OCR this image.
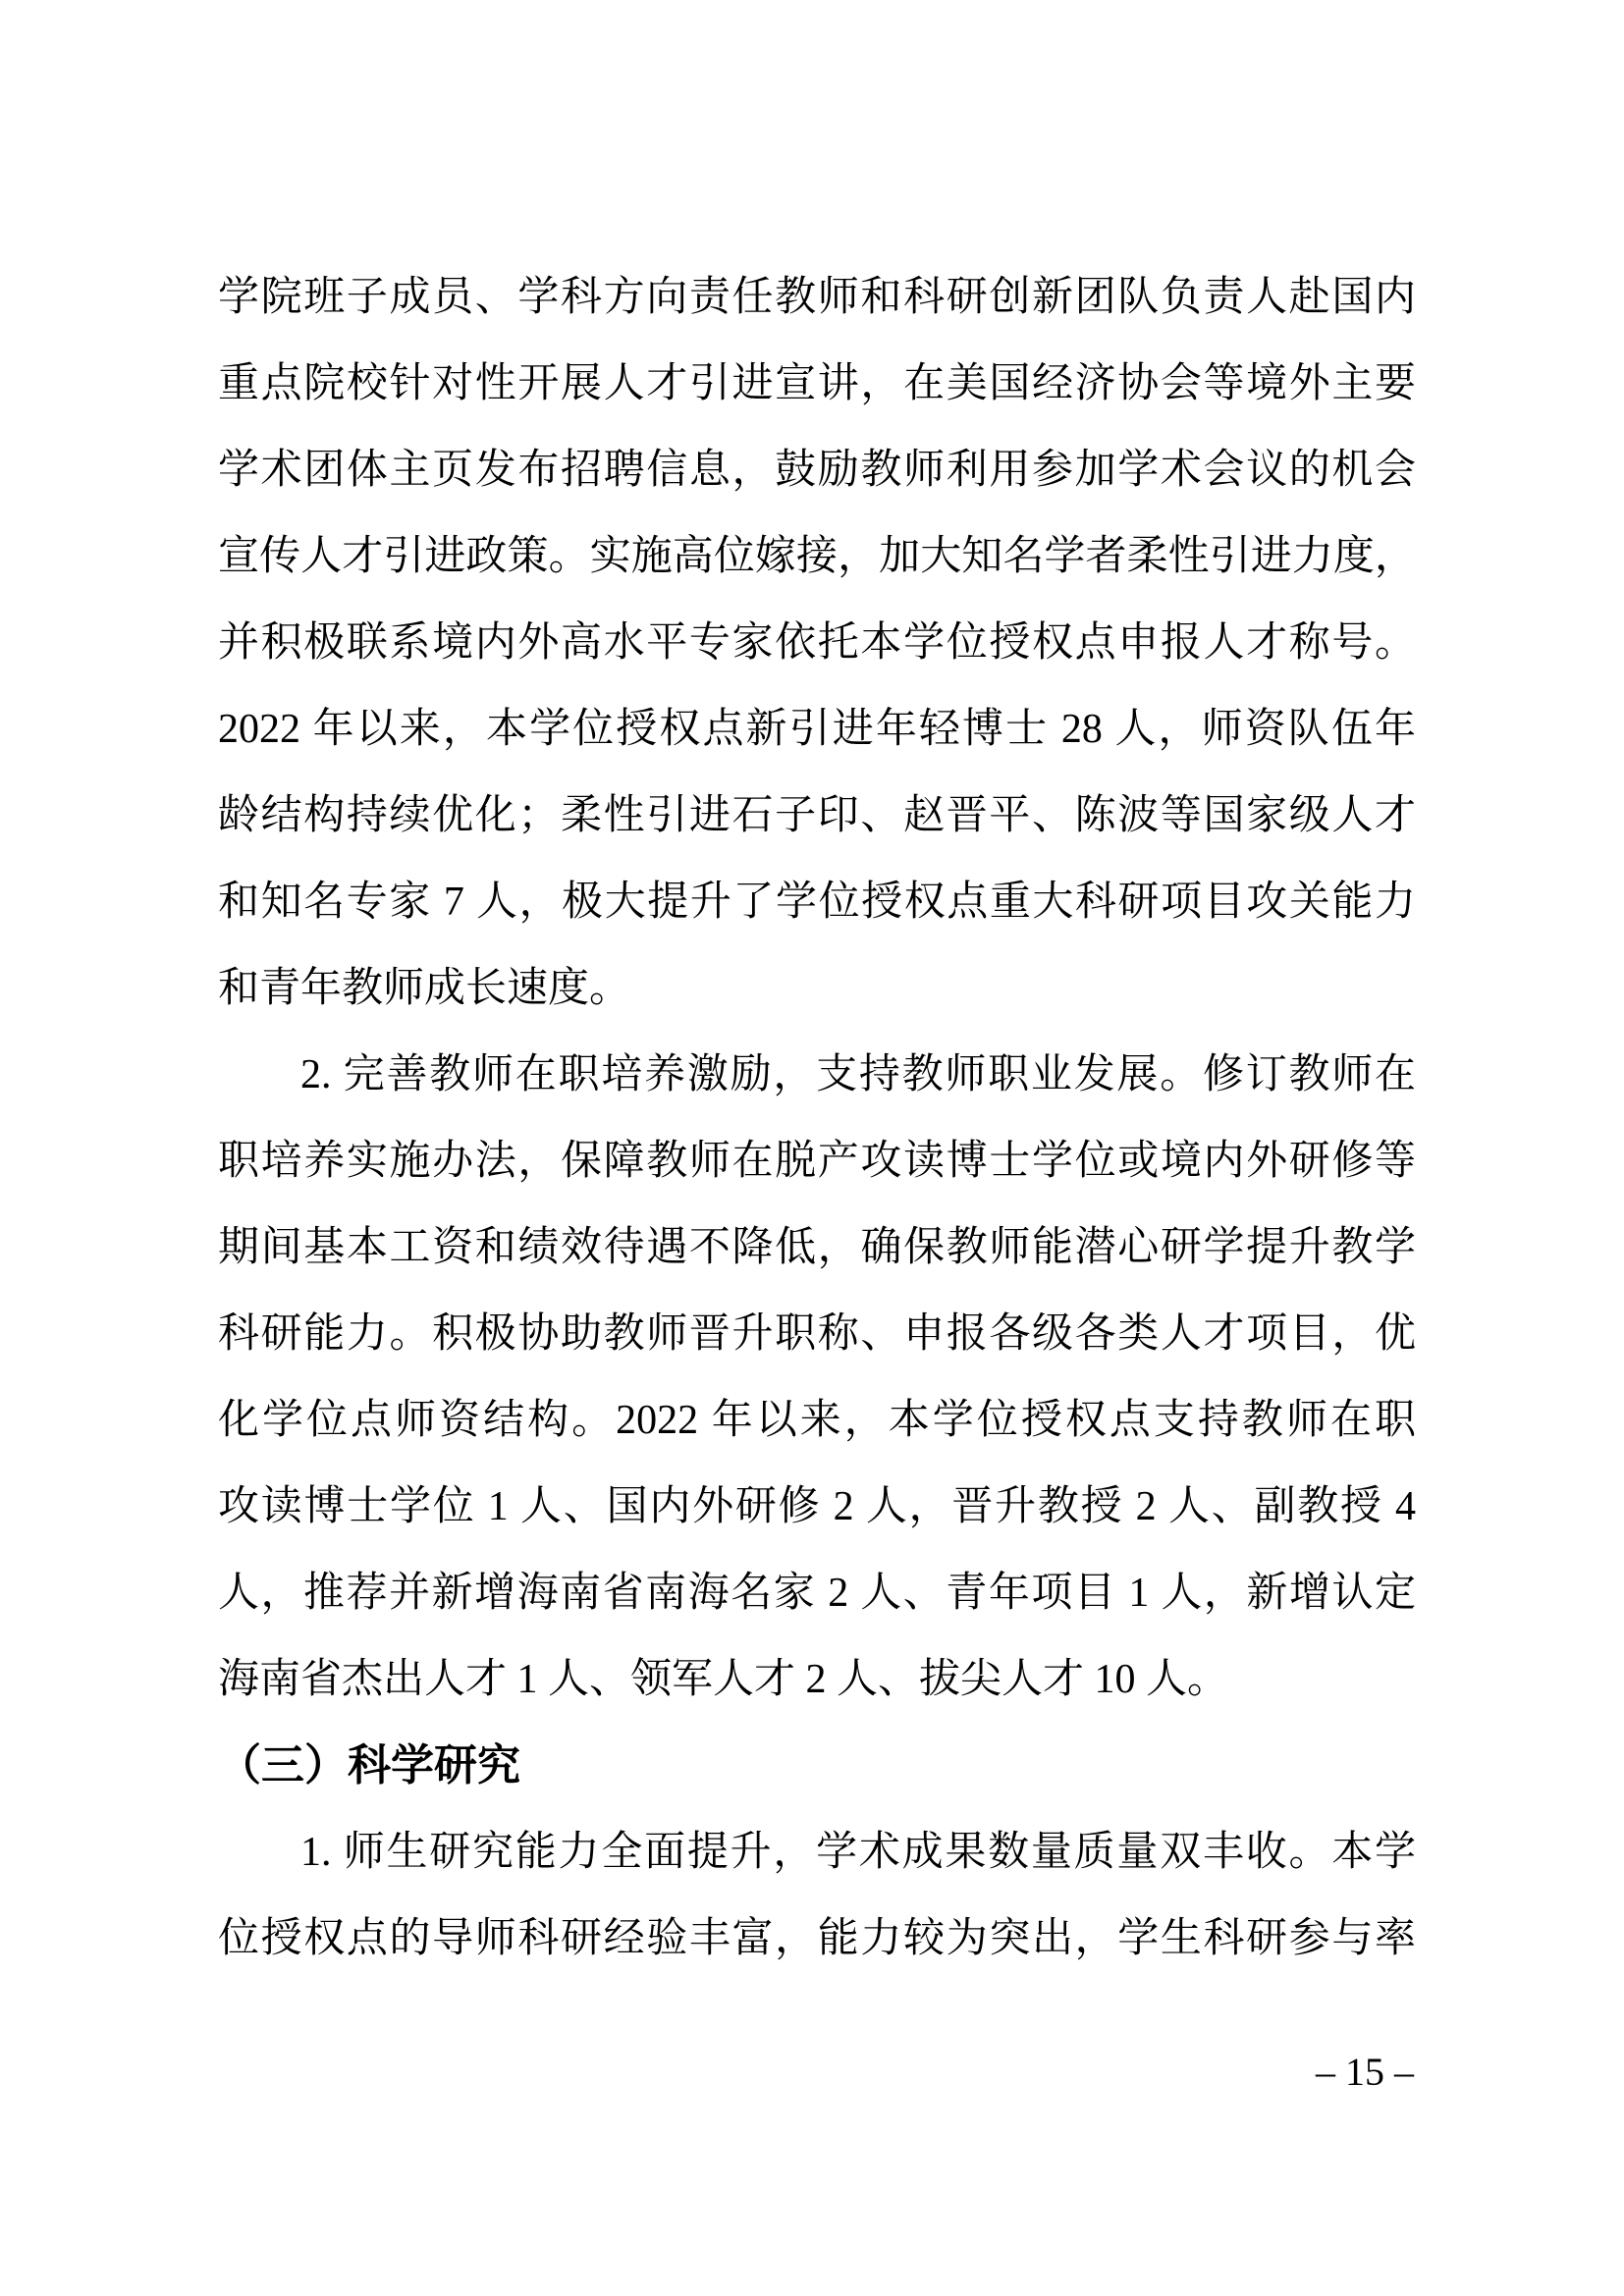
学院班子成员、学科方向责任教师和科研创新团队负责人赴国内
重点院校针对性开展人才引进宣讲，在美国经济协会等境外主要
学术团体主页发布招聘信息，鼓励教师利用参加学术会议的机会
宣传人才引进政策。实施高位嫁接，加大知名学者柔性引进力度，
并积极联系境内外高水平专家依托本学位授权点申报人才称号。
2022 年以来，本学位授权点新引进年轻博士 28 人，师资队伍年
龄结构持续优化；柔性引进石子印、赵晋平、陈波等国家级人才
和知名专家 7 人，极大提升了学位授权点重大科研项目攻关能力
和青年教师成长速度。
2. 完善教师在职培养激励，支持教师职业发展。修订教师在
职培养实施办法，保障教师在脱产攻读博士学位或境内外研修等
期间基本工资和绩效待遇不降低，确保教师能潜心研学提升教学
科研能力。积极协助教师晋升职称、申报各级各类人才项目，优
化学位点师资结构。2022 年以来，本学位授权点支持教师在职
攻读博士学位 1 人、国内外研修 2 人，晋升教授 2 人、副教授 4
人，推荐并新增海南省南海名家 2 人、青年项目 1 人，新增认定
海南省杰出人才 1 人、领军人才 2 人、拔尖人才 10 人。
（三）科学研究
1. 师生研究能力全面提升，学术成果数量质量双丰收。本学
位授权点的导师科研经验丰富，能力较为突出，学生科研参与率
– 15 –
